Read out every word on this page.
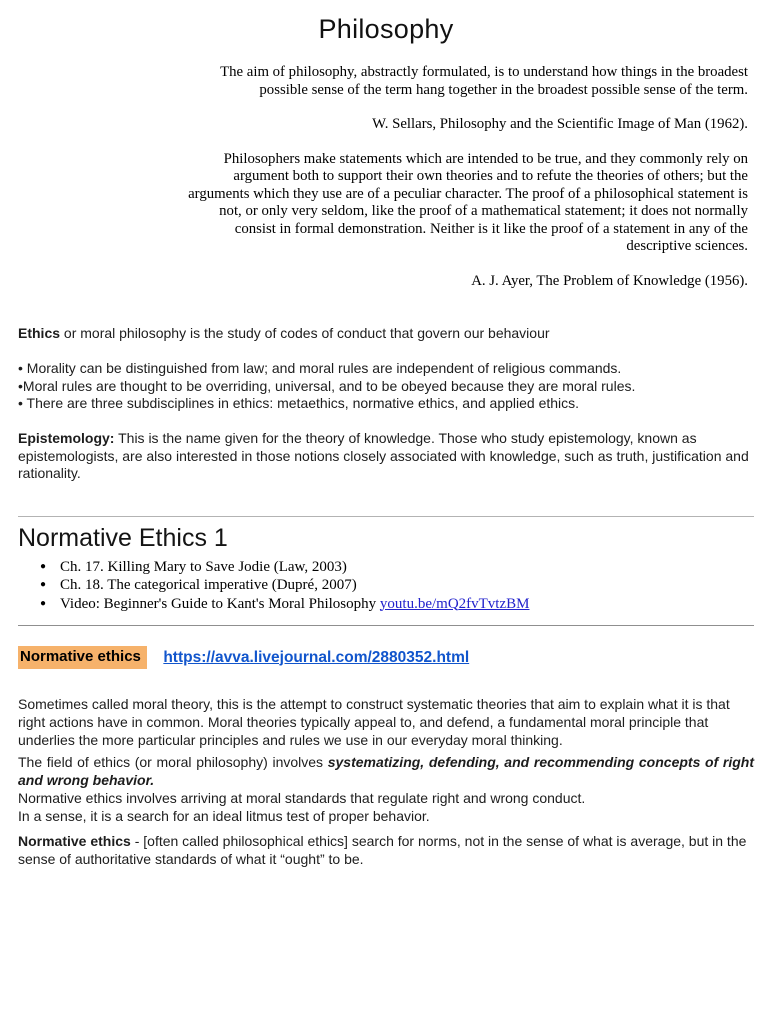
Philosophy

The aim of philosophy, abstractly formulated, is to understand how things in the broadest possible sense of the term hang together in the broadest possible sense of the term.

W. Sellars, Philosophy and the Scientific Image of Man (1962).

Philosophers make statements which are intended to be true, and they commonly rely on argument both to support their own theories and to refute the theories of others; but the arguments which they use are of a peculiar character. The proof of a philosophical statement is not, or only very seldom, like the proof of a mathematical statement; it does not normally consist in formal demonstration. Neither is it like the proof of a statement in any of the descriptive sciences.

A. J. Ayer, The Problem of Knowledge (1956).

Ethics or moral philosophy is the study of codes of conduct that govern our behaviour

• Morality can be distinguished from law; and moral rules are independent of religious commands.
•Moral rules are thought to be overriding, universal, and to be obeyed because they are moral rules.
• There are three subdisciplines in ethics: metaethics, normative ethics, and applied ethics.

Epistemology: This is the name given for the theory of knowledge. Those who study epistemology, known as epistemologists, are also interested in those notions closely associated with knowledge, such as truth, justification and rationality.

Normative Ethics 1
● Ch. 17. Killing Mary to Save Jodie (Law, 2003)
● Ch. 18. The categorical imperative (Dupré, 2007)
● Video: Beginner's Guide to Kant's Moral Philosophy youtu.be/mQ2fvTvtzBM
Normative ethics https://avva.livejournal.com/2880352.html

Sometimes called moral theory, this is the attempt to construct systematic theories that aim to explain what it is that right actions have in common. Moral theories typically appeal to, and defend, a fundamental moral principle that underlies the more particular principles and rules we use in our everyday moral thinking.

The field of ethics (or moral philosophy) involves systematizing, defending, and recommending concepts of right and wrong behavior.
Normative ethics involves arriving at moral standards that regulate right and wrong conduct.
In a sense, it is a search for an ideal litmus test of proper behavior.

Normative ethics - [often called philosophical ethics] search for norms, not in the sense of what is average, but in the sense of authoritative standards of what it “ought” to be.
